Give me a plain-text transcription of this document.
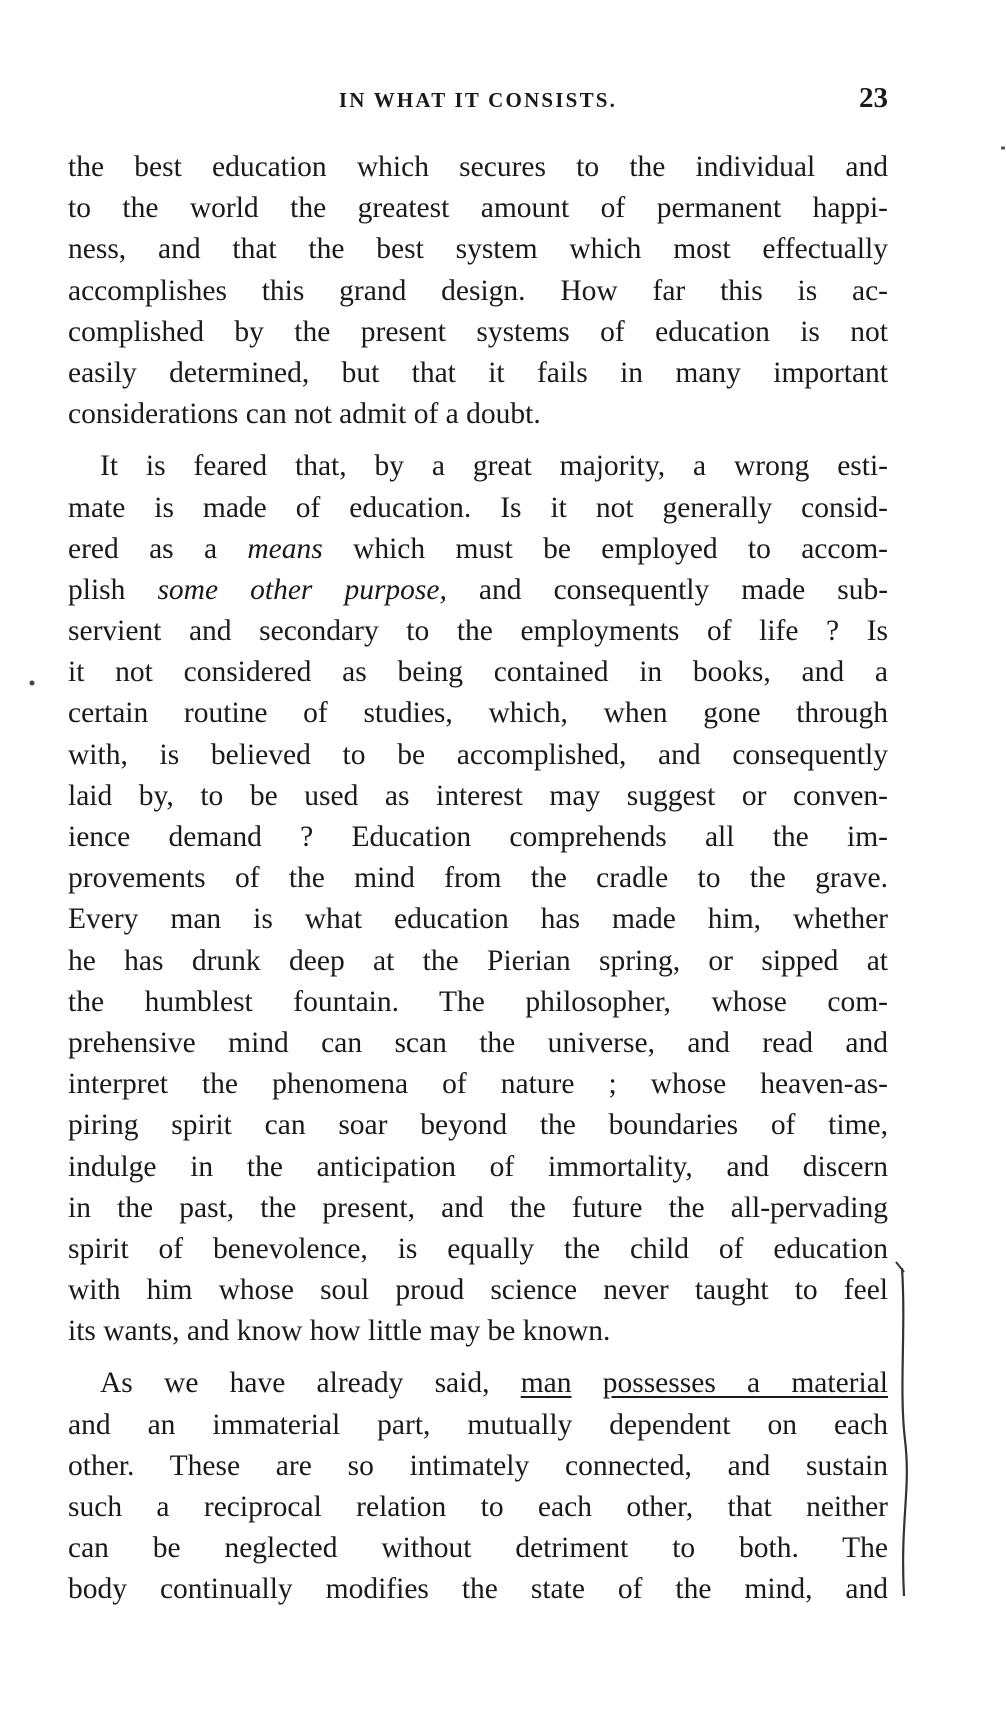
IN WHAT IT CONSISTS.	23
the best education which secures to the individual and
to the world the greatest amount of permanent happi-
ness, and that the best system which most effectually
accomplishes this grand design. How far this is ac-
complished by the present systems of education is not
easily determined, but that it fails in many important
considerations can not admit of a doubt.
It is feared that, by a great majority, a wrong esti-
mate is made of education. Is it not generally consid-
ered as a means which must be employed to accom-
plish some other purpose, and consequently made sub-
servient and secondary to the employments of life ? Is
it not considered as being contained in books, and a
certain routine of studies, which, when gone through
with, is believed to be accomplished, and consequently
laid by, to be used as interest may suggest or conven-
ience demand ? Education comprehends all the im-
provements of the mind from the cradle to the grave.
Every man is what education has made him, whether
he has drunk deep at the Pierian spring, or sipped at
the humblest fountain. The philosopher, whose com-
prehensive mind can scan the universe, and read and
interpret the phenomena of nature ; whose heaven-as-
piring spirit can soar beyond the boundaries of time,
indulge in the anticipation of immortality, and discern
in the past, the present, and the future the all-pervading
spirit of benevolence, is equally the child of education
with him whose soul proud science never taught to feel
its wants, and know how little may be known.
As we have already said, man possesses a material
and an immaterial part, mutually dependent on each
other. These are so intimately connected, and sustain
such a reciprocal relation to each other, that neither
can be neglected without detriment to both. The
body continually modifies the state of the mind, and
